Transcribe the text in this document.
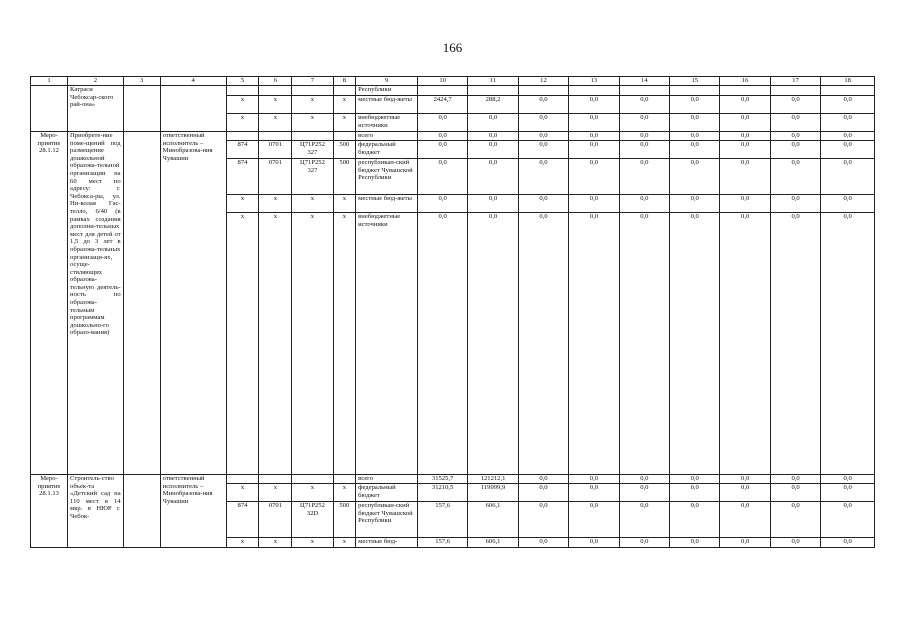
166
1	2	3	4	5	6	7	8	9	10	11	12	13	14	15	16	17	18
	Катраси Чебоксар-ского рай-она»							Республики									
				x	x	x	x	местные бюд-жеты	2424,7	288,2	0,0	0,0	0,0	0,0	0,0	0,0	0,0
				x	x	x	x	внебюджетные источники	0,0	0,0	0,0	0,0	0,0	0,0	0,0	0,0	0,0
Меро-приятие 28.1.12	Приобрете-ние поме-щений под размещение дошкольной образова-тельной организации на 60 мест по адресу: г. Чебокса-ры, ул. Ни-колая Гас-телло, 6/40 (в рамках создания дополни-тельных мест для детей от 1,5 до 3 лет в образова-тельных организаци-ях, осуще-ствляющих образова-тельную деятель-ность по образова-тельным программам дошкольно-го образо-вания)		ответственный исполнитель – Минобразова-ния Чувашии					всего	0,0	0,0	0,0	0,0	0,0	0,0	0,0	0,0	0,0
				874	0701	Ц71P252 327	500	федеральный бюджет	0,0	0,0	0,0	0,0	0,0	0,0	0,0	0,0	0,0
				874	0701	Ц71P252 327	500	республикан-ский бюджет Чувашской Республики	0,0	0,0	0,0	0,0	0,0	0,0	0,0	0,0	0,0
				x	x	x	x	местные бюд-жеты	0,0	0,0	0,0	0,0	0,0	0,0	0,0	0,0	0,0
				x	x	x	x	внебюджетные источники	0,0	0,0	0,0	0,0	0,0	0,0	0,0	0,0	0,0
Меро-приятие 28.1.13	Строитель-ство объек-та «Детский сад на 110 мест в 14 мкр. в НЮР г. Чебок-		ответственный исполнитель – Минобразова-ния Чувашии					всего	31525,7	121212,1	0,0	0,0	0,0	0,0	0,0	0,0	0,0
				x	x	x	x	федеральный бюджет	31210,5	119999,9	0,0	0,0	0,0	0,0	0,0	0,0	0,0
				874	0701	Ц71P252 32D	500	республикан-ский бюджет Чувашской Республики	157,6	606,1	0,0	0,0	0,0	0,0	0,0	0,0	0,0
				x	x	x	x	местные бюд-	157,6	606,1	0,0	0,0	0,0	0,0	0,0	0,0	0,0
